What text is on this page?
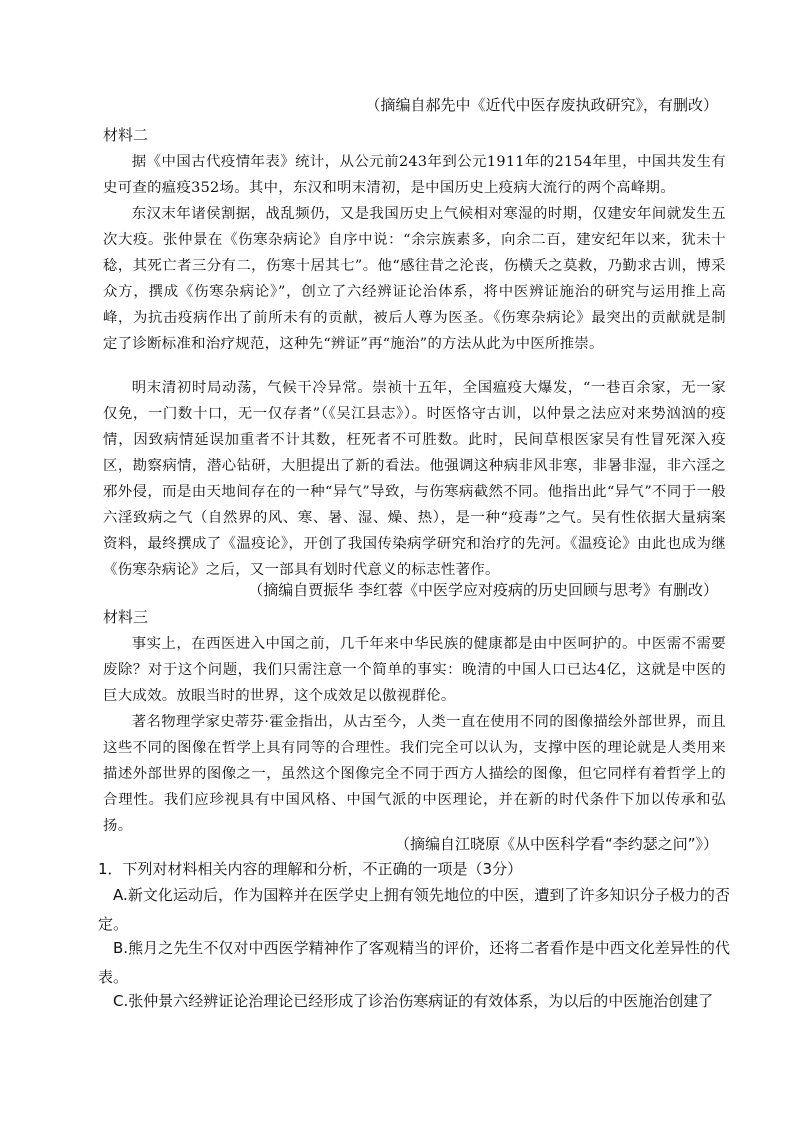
（摘编自郝先中《近代中医存废执政研究》，有删改）

材料二

据《中国古代疫情年表》统计，从公元前243年到公元1911年的2154年里，中国共发生有史可查的瘟疫352场。其中，东汉和明末清初，是中国历史上疫病大流行的两个高峰期。

东汉末年诸侯割据，战乱频仍，又是我国历史上气候相对寒湿的时期，仅建安年间就发生五次大疫。张仲景在《伤寒杂病论》自序中说：“余宗族素多，向余二百，建安纪年以来，犹未十稔，其死亡者三分有二，伤寒十居其七”。他“感往昔之沦丧，伤横夭之莫救，乃勤求古训，博采众方，撰成《伤寒杂病论》”，创立了六经辨证论治体系，将中医辨证施治的研究与运用推上高峰，为抗击疫病作出了前所未有的贡献，被后人尊为医圣。《伤寒杂病论》最突出的贡献就是制定了诊断标准和治疗规范，这种先“辨证”再“施治”的方法从此为中医所推崇。

明末清初时局动荡，气候干冷异常。崇祯十五年，全国瘟疫大爆发，“一巷百余家，无一家仅免，一门数十口，无一仅存者”（《吴江县志》）。时医恪守古训，以仲景之法应对来势汹汹的疫情，因致病情延误加重者不计其数，枉死者不可胜数。此时，民间草根医家吴有性冒死深入疫区，勘察病情，潜心钻研，大胆提出了新的看法。他强调这种病非风非寒，非暑非湿，非六淫之邪外侵，而是由天地间存在的一种“异气”导致，与伤寒病截然不同。他指出此“异气”不同于一般六淫致病之气（自然界的风、寒、暑、湿、燥、热），是一种“疫毒”之气。吴有性依据大量病案资料，最终撰成了《温疫论》，开创了我国传染病学研究和治疗的先河。《温疫论》由此也成为继《伤寒杂病论》之后，又一部具有划时代意义的标志性著作。

（摘编自贾振华 李红蓉《中医学应对疫病的历史回顾与思考》有删改）

材料三

事实上，在西医进入中国之前，几千年来中华民族的健康都是由中医呵护的。中医需不需要废除？对于这个问题，我们只需注意一个简单的事实：晚清的中国人口已达4亿，这就是中医的巨大成效。放眼当时的世界，这个成效足以傲视群伦。

著名物理学家史蒂芬·霍金指出，从古至今，人类一直在使用不同的图像描绘外部世界，而且这些不同的图像在哲学上具有同等的合理性。我们完全可以认为，支撑中医的理论就是人类用来描述外部世界的图像之一，虽然这个图像完全不同于西方人描绘的图像，但它同样有着哲学上的合理性。我们应珍视具有中国风格、中国气派的中医理论，并在新的时代条件下加以传承和弘扬。

（摘编自江晓原《从中医科学看“李约瑟之问”》）

1．下列对材料相关内容的理解和分析，不正确的一项是（3分）

A.新文化运动后，作为国粹并在医学史上拥有领先地位的中医，遭到了许多知识分子极力的否定。

B.熊月之先生不仅对中西医学精神作了客观精当的评价，还将二者看作是中西文化差异性的代表。

C.张仲景六经辨证论治理论已经形成了诊治伤寒病证的有效体系，为以后的中医施治创建了
